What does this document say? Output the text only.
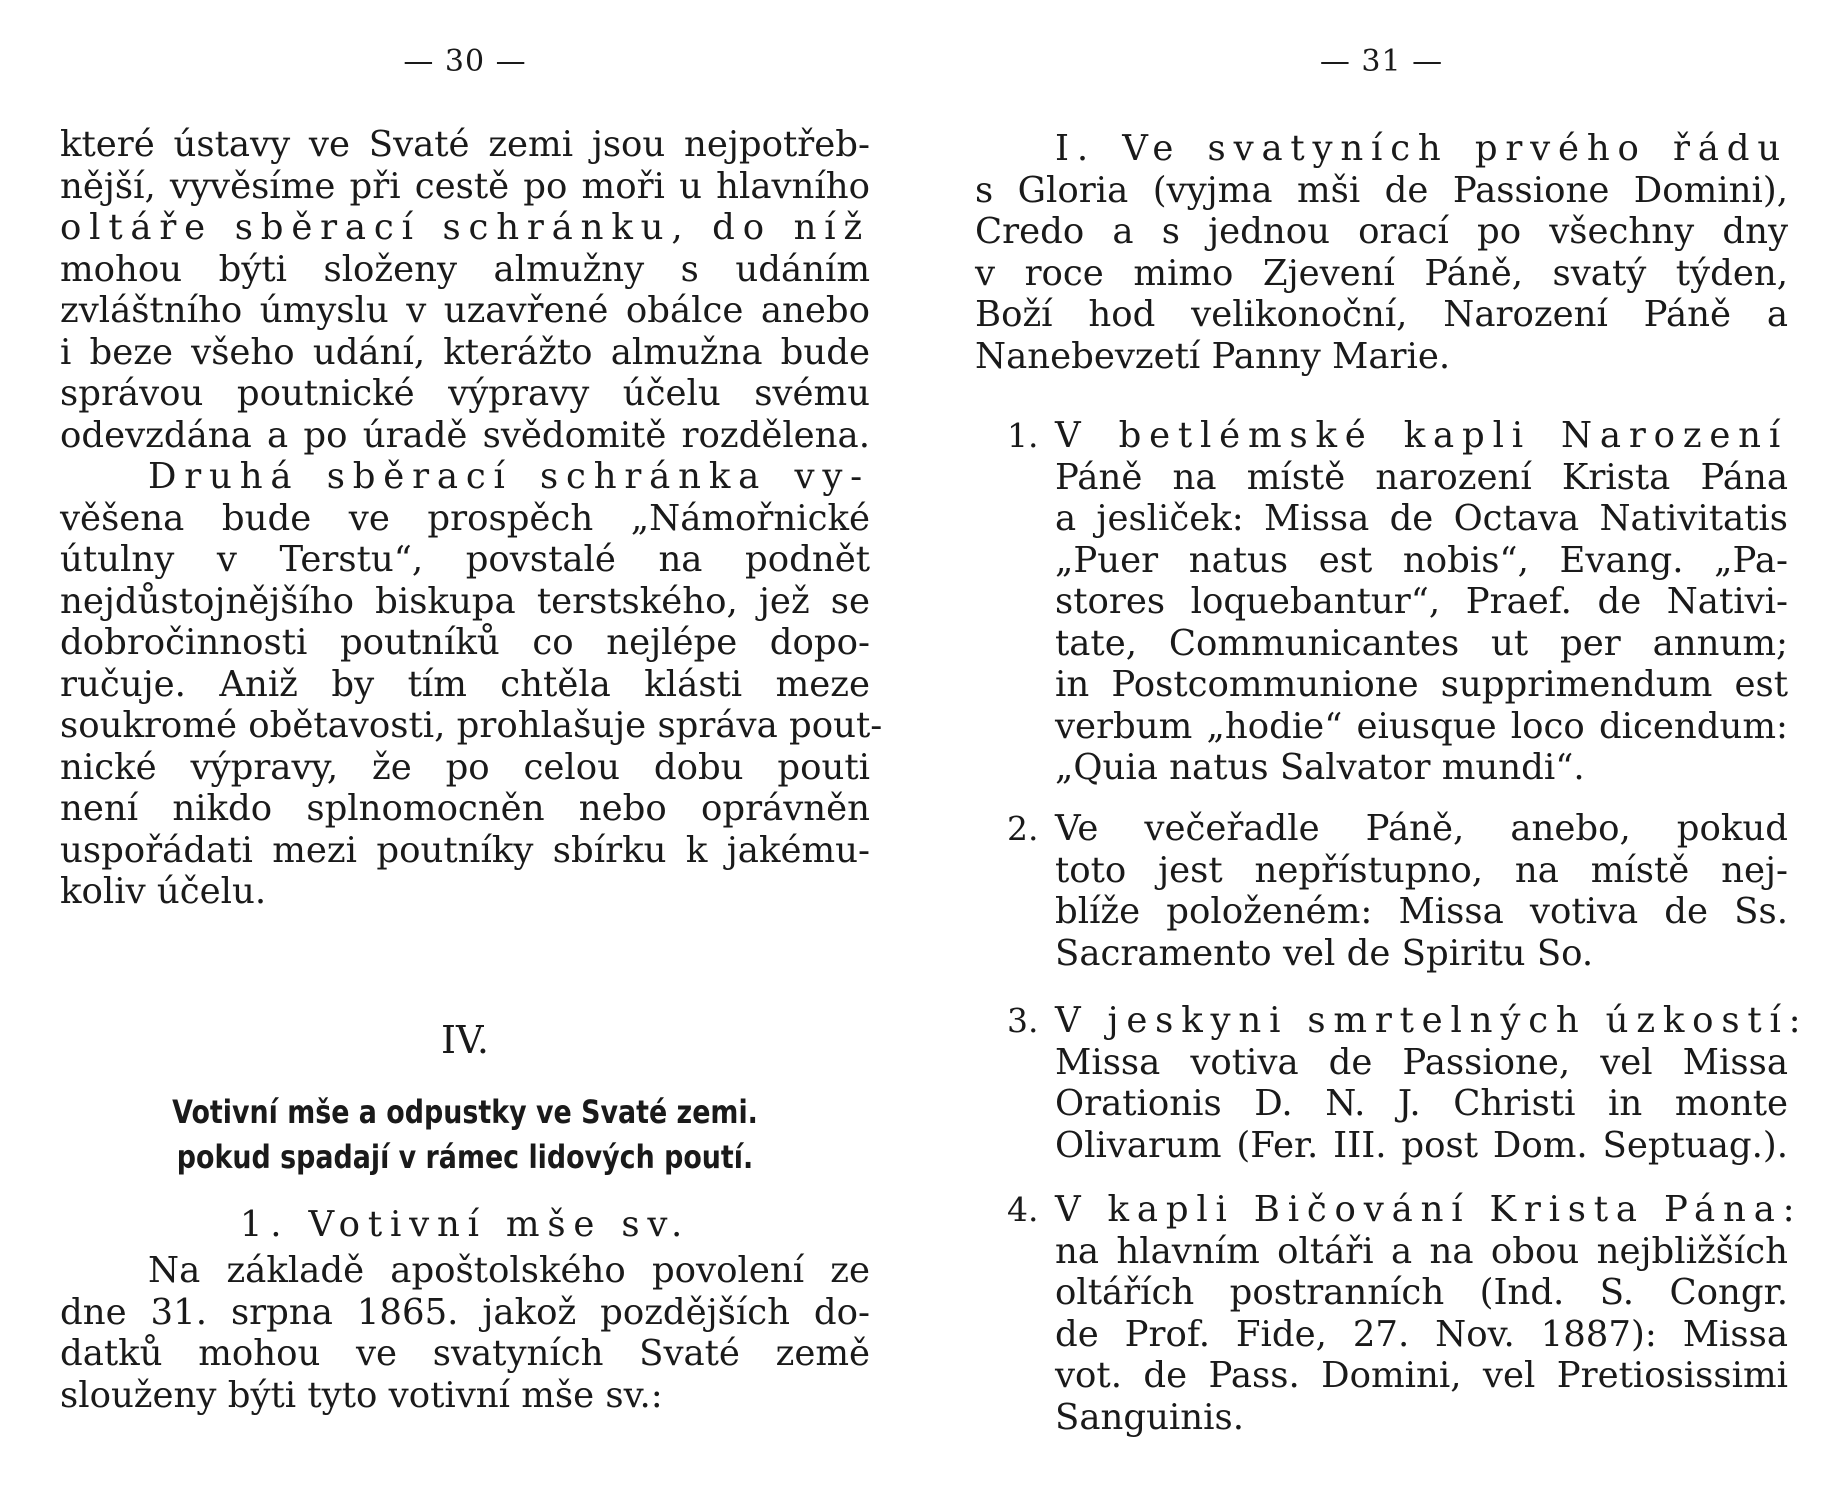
— 30 —
které ústavy ve Svaté zemi jsou nejpotřeb-
nější, vyvěsíme při cestě po moři u hlavního
oltáře sběrací schránku, do níž
mohou býti složeny almužny s udáním
zvláštního úmyslu v uzavřené obálce anebo
i beze všeho udání, kterážto almužna bude
správou poutnické výpravy účelu svému
odevzdána a po úradě svědomitě rozdělena.
Druhá sběrací schránka vy-
věšena bude ve prospěch „Námořnické
útulny v Terstu“, povstalé na podnět
nejdůstojnějšího biskupa terstského, jež se
dobročinnosti poutníků co nejlépe dopo-
ručuje. Aniž by tím chtěla klásti meze
soukromé obětavosti, prohlašuje správa pout-
nické výpravy, že po celou dobu pouti
není nikdo splnomocněn nebo oprávněn
uspořádati mezi poutníky sbírku k jakému-
koliv účelu.
IV.
Votivní mše a odpustky ve Svaté zemi.
pokud spadají v rámec lidových poutí.
1. Votivní mše sv.
Na základě apoštolského povolení ze
dne 31. srpna 1865. jakož pozdějších do-
datků mohou ve svatyních Svaté země
slouženy býti tyto votivní mše sv.:
— 31 —
I. Ve svatyních prvého řádu
s Gloria (vyjma mši de Passione Domini),
Credo a s jednou orací po všechny dny
v roce mimo Zjevení Páně, svatý týden,
Boží hod velikonoční, Narození Páně a
Nanebevzetí Panny Marie.
1. V betlémské kapli Narození
Páně na místě narození Krista Pána
a jesliček: Missa de Octava Nativitatis
„Puer natus est nobis“, Evang. „Pa-
stores loquebantur“, Praef. de Nativi-
tate, Communicantes ut per annum;
in Postcommunione supprimendum est
verbum „hodie“ eiusque loco dicendum:
„Quia natus Salvator mundi“.
2. Ve večeřadle Páně, anebo, pokud
toto jest nepřístupno, na místě nej-
blíže položeném: Missa votiva de Ss.
Sacramento vel de Spiritu So.
3. V jeskyni smrtelných úzkostí:
Missa votiva de Passione, vel Missa
Orationis D. N. J. Christi in monte
Olivarum (Fer. III. post Dom. Septuag.).
4. V kapli Bičování Krista Pána:
na hlavním oltáři a na obou nejbližších
oltářích postranních (Ind. S. Congr.
de Prof. Fide, 27. Nov. 1887): Missa
vot. de Pass. Domini, vel Pretiosissimi
Sanguinis.
